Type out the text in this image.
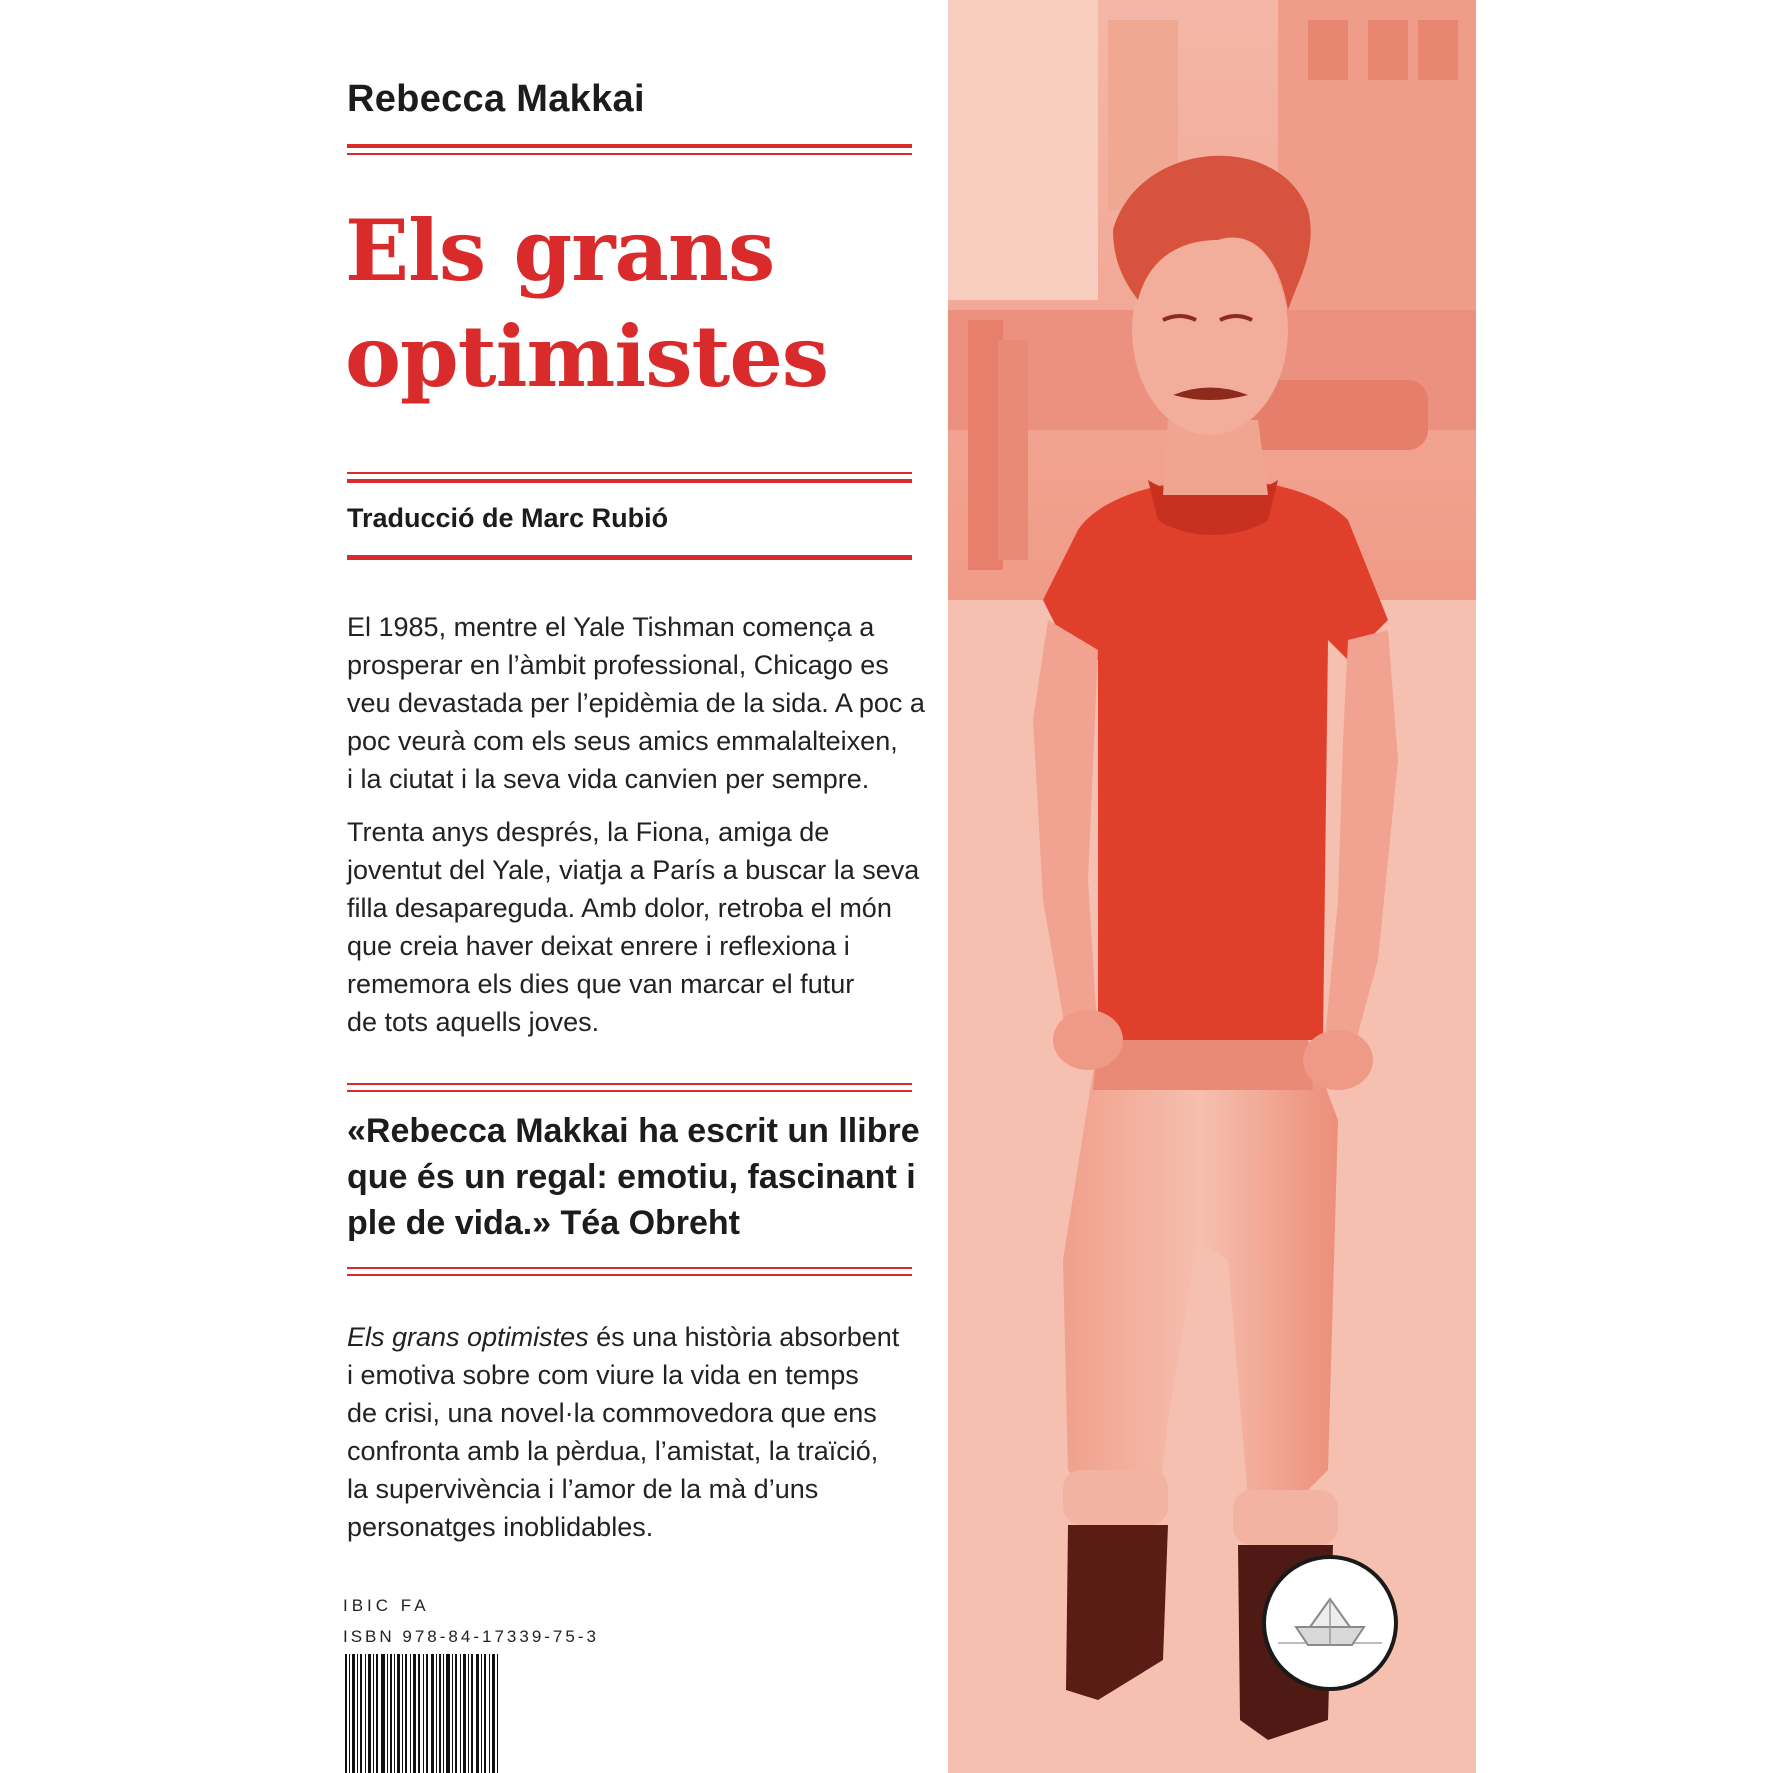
Rebecca Makkai
Els grans
optimistes
Traducció de Marc Rubió
El 1985, mentre el Yale Tishman comença a
prosperar en l’àmbit professional, Chicago es
veu devastada per l’epidèmia de la sida. A poc a
poc veurà com els seus amics emmalalteixen,
i la ciutat i la seva vida canvien per sempre.
Trenta anys després, la Fiona, amiga de
joventut del Yale, viatja a París a buscar la seva
filla desapareguda. Amb dolor, retroba el món
que creia haver deixat enrere i reflexiona i
rememora els dies que van marcar el futur
de tots aquells joves.
«Rebecca Makkai ha escrit un llibre
que és un regal: emotiu, fascinant i
ple de vida.» Téa Obreht
Els grans optimistes és una història absorbent
i emotiva sobre com viure la vida en temps
de crisi, una novel·la commovedora que ens
confronta amb la pèrdua, l’amistat, la traïció,
la supervivència i l’amor de la mà d’uns
personatges inoblidables.
IBIC FA
ISBN 978-84-17339-75-3
